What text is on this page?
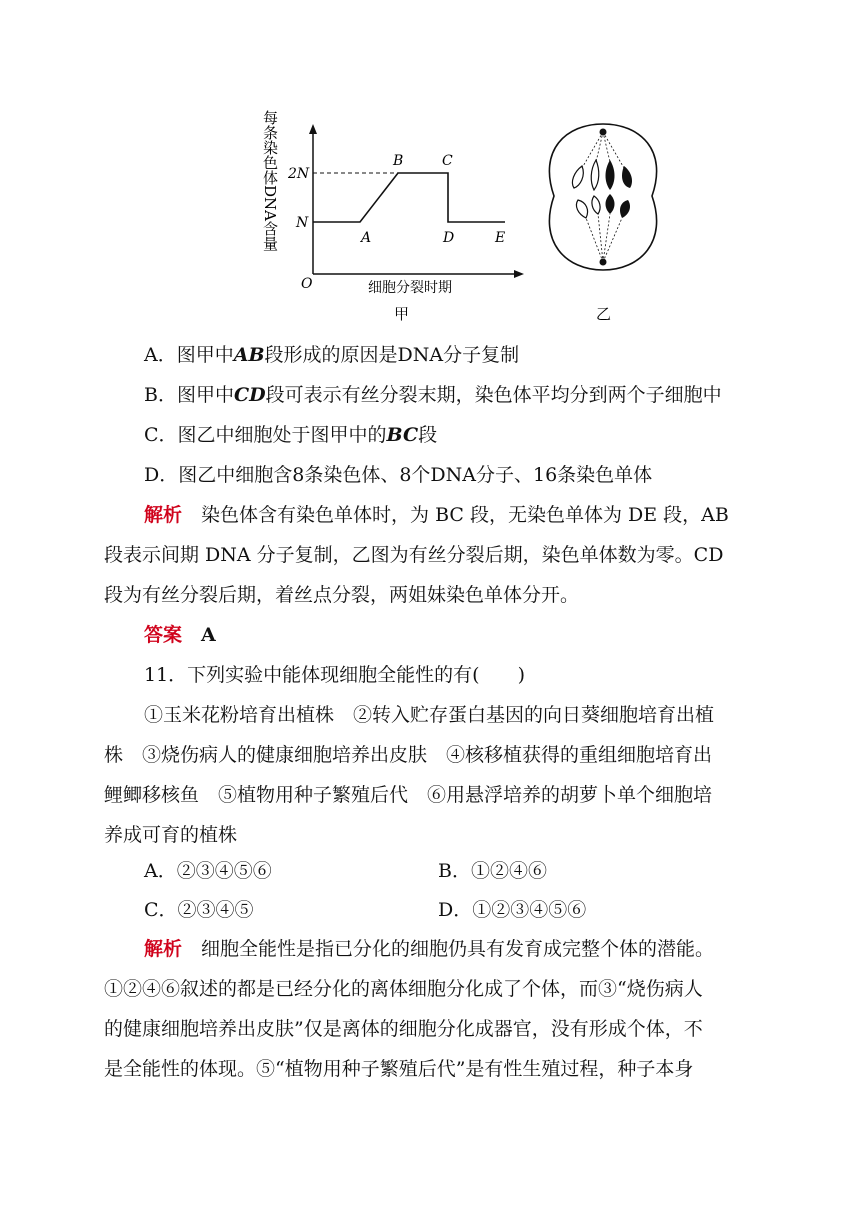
每条染色体DNA含量
O
2N
N
A
B	C
D	E
细胞分裂时期
甲	乙
A．图甲中AB段形成的原因是DNA分子复制
B．图甲中CD段可表示有丝分裂末期，染色体平均分到两个子细胞中
C．图乙中细胞处于图甲中的BC段
D．图乙中细胞含8条染色体、8个DNA分子、16条染色单体
解析　 染色体含有染色单体时，为 BC 段，无染色单体为 DE 段，AB
段表示间期 DNA 分子复制，乙图为有丝分裂后期，染色单体数为零。CD
段为有丝分裂后期，着丝点分裂，两姐妹染色单体分开。
答案　 A
11．下列实验中能体现细胞全能性的有(　　)
①玉米花粉培育出植株　②转入贮存蛋白基因的向日葵细胞培育出植
株　③烧伤病人的健康细胞培养出皮肤　④核移植获得的重组细胞培育出
鲤鲫移核鱼　⑤植物用种子繁殖后代　⑥用悬浮培养的胡萝卜单个细胞培
养成可育的植株
A．②③④⑤⑥	B．①②④⑥
C．②③④⑤	D．①②③④⑤⑥
解析　 细胞全能性是指已分化的细胞仍具有发育成完整个体的潜能。
①②④⑥叙述的都是已经分化的离体细胞分化成了个体，而③“烧伤病人
的健康细胞培养出皮肤”仅是离体的细胞分化成器官，没有形成个体，不
是全能性的体现。⑤“植物用种子繁殖后代”是有性生殖过程，种子本身
